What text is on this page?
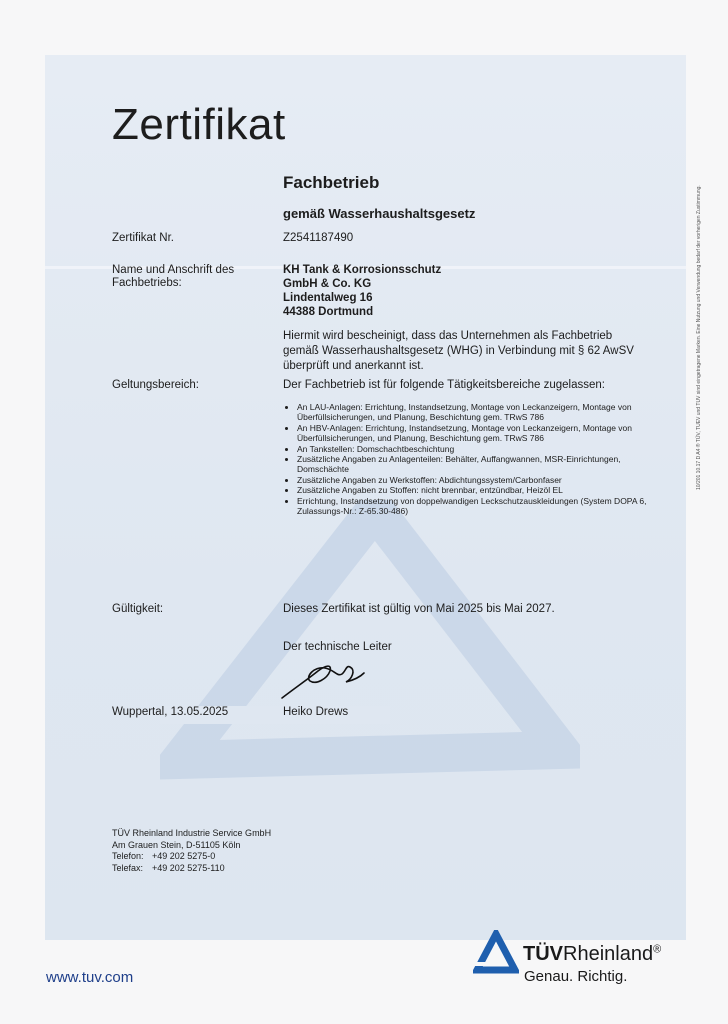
Zertifikat
Fachbetrieb
gemäß Wasserhaushaltsgesetz
Zertifikat Nr.	Z2541187490
Name und Anschrift des
Fachbetriebs:
KH Tank & Korrosionsschutz
GmbH & Co. KG
Lindentalweg 16
44388 Dortmund
Hiermit wird bescheinigt, dass das Unternehmen als Fachbetrieb gemäß Wasserhaushaltsgesetz (WHG) in Verbindung mit § 62 AwSV überprüft und anerkannt ist.
Geltungsbereich:	Der Fachbetrieb ist für folgende Tätigkeitsbereiche zugelassen:
• An LAU-Anlagen: Errichtung, Instandsetzung, Montage von Leckanzeigern, Montage von Überfüllsicherungen, und Planung, Beschichtung gem. TRwS 786
• An HBV-Anlagen: Errichtung, Instandsetzung, Montage von Leckanzeigern, Montage von Überfüllsicherungen, und Planung, Beschichtung gem. TRwS 786
• An Tankstellen: Domschachtbeschichtung
• Zusätzliche Angaben zu Anlagenteilen: Behälter, Auffangwannen, MSR-Einrichtungen, Domschächte
• Zusätzliche Angaben zu Werkstoffen: Abdichtungssystem/Carbonfaser
• Zusätzliche Angaben zu Stoffen: nicht brennbar, entzündbar, Heizöl EL
• Errichtung, Instandsetzung von doppelwandigen Leckschutzauskleidungen (System DOPA 6, Zulassungs-Nr.: Z-65.30-486)
Gültigkeit:	Dieses Zertifikat ist gültig von Mai 2025 bis Mai 2027.
Der technische Leiter
Wuppertal, 13.05.2025	Heiko Drews
TÜV Rheinland Industrie Service GmbH
Am Grauen Stein, D-51105 Köln
Telefon: +49 202 5275-0
Telefax: +49 202 5275-110
10/201 10.17 D A4 ® TÜV, TUEV und TUV sind eingetragene Marken. Eine Nutzung und Verwendung bedarf der vorherigen Zustimmung.
www.tuv.com
TÜVRheinland®
Genau. Richtig.
